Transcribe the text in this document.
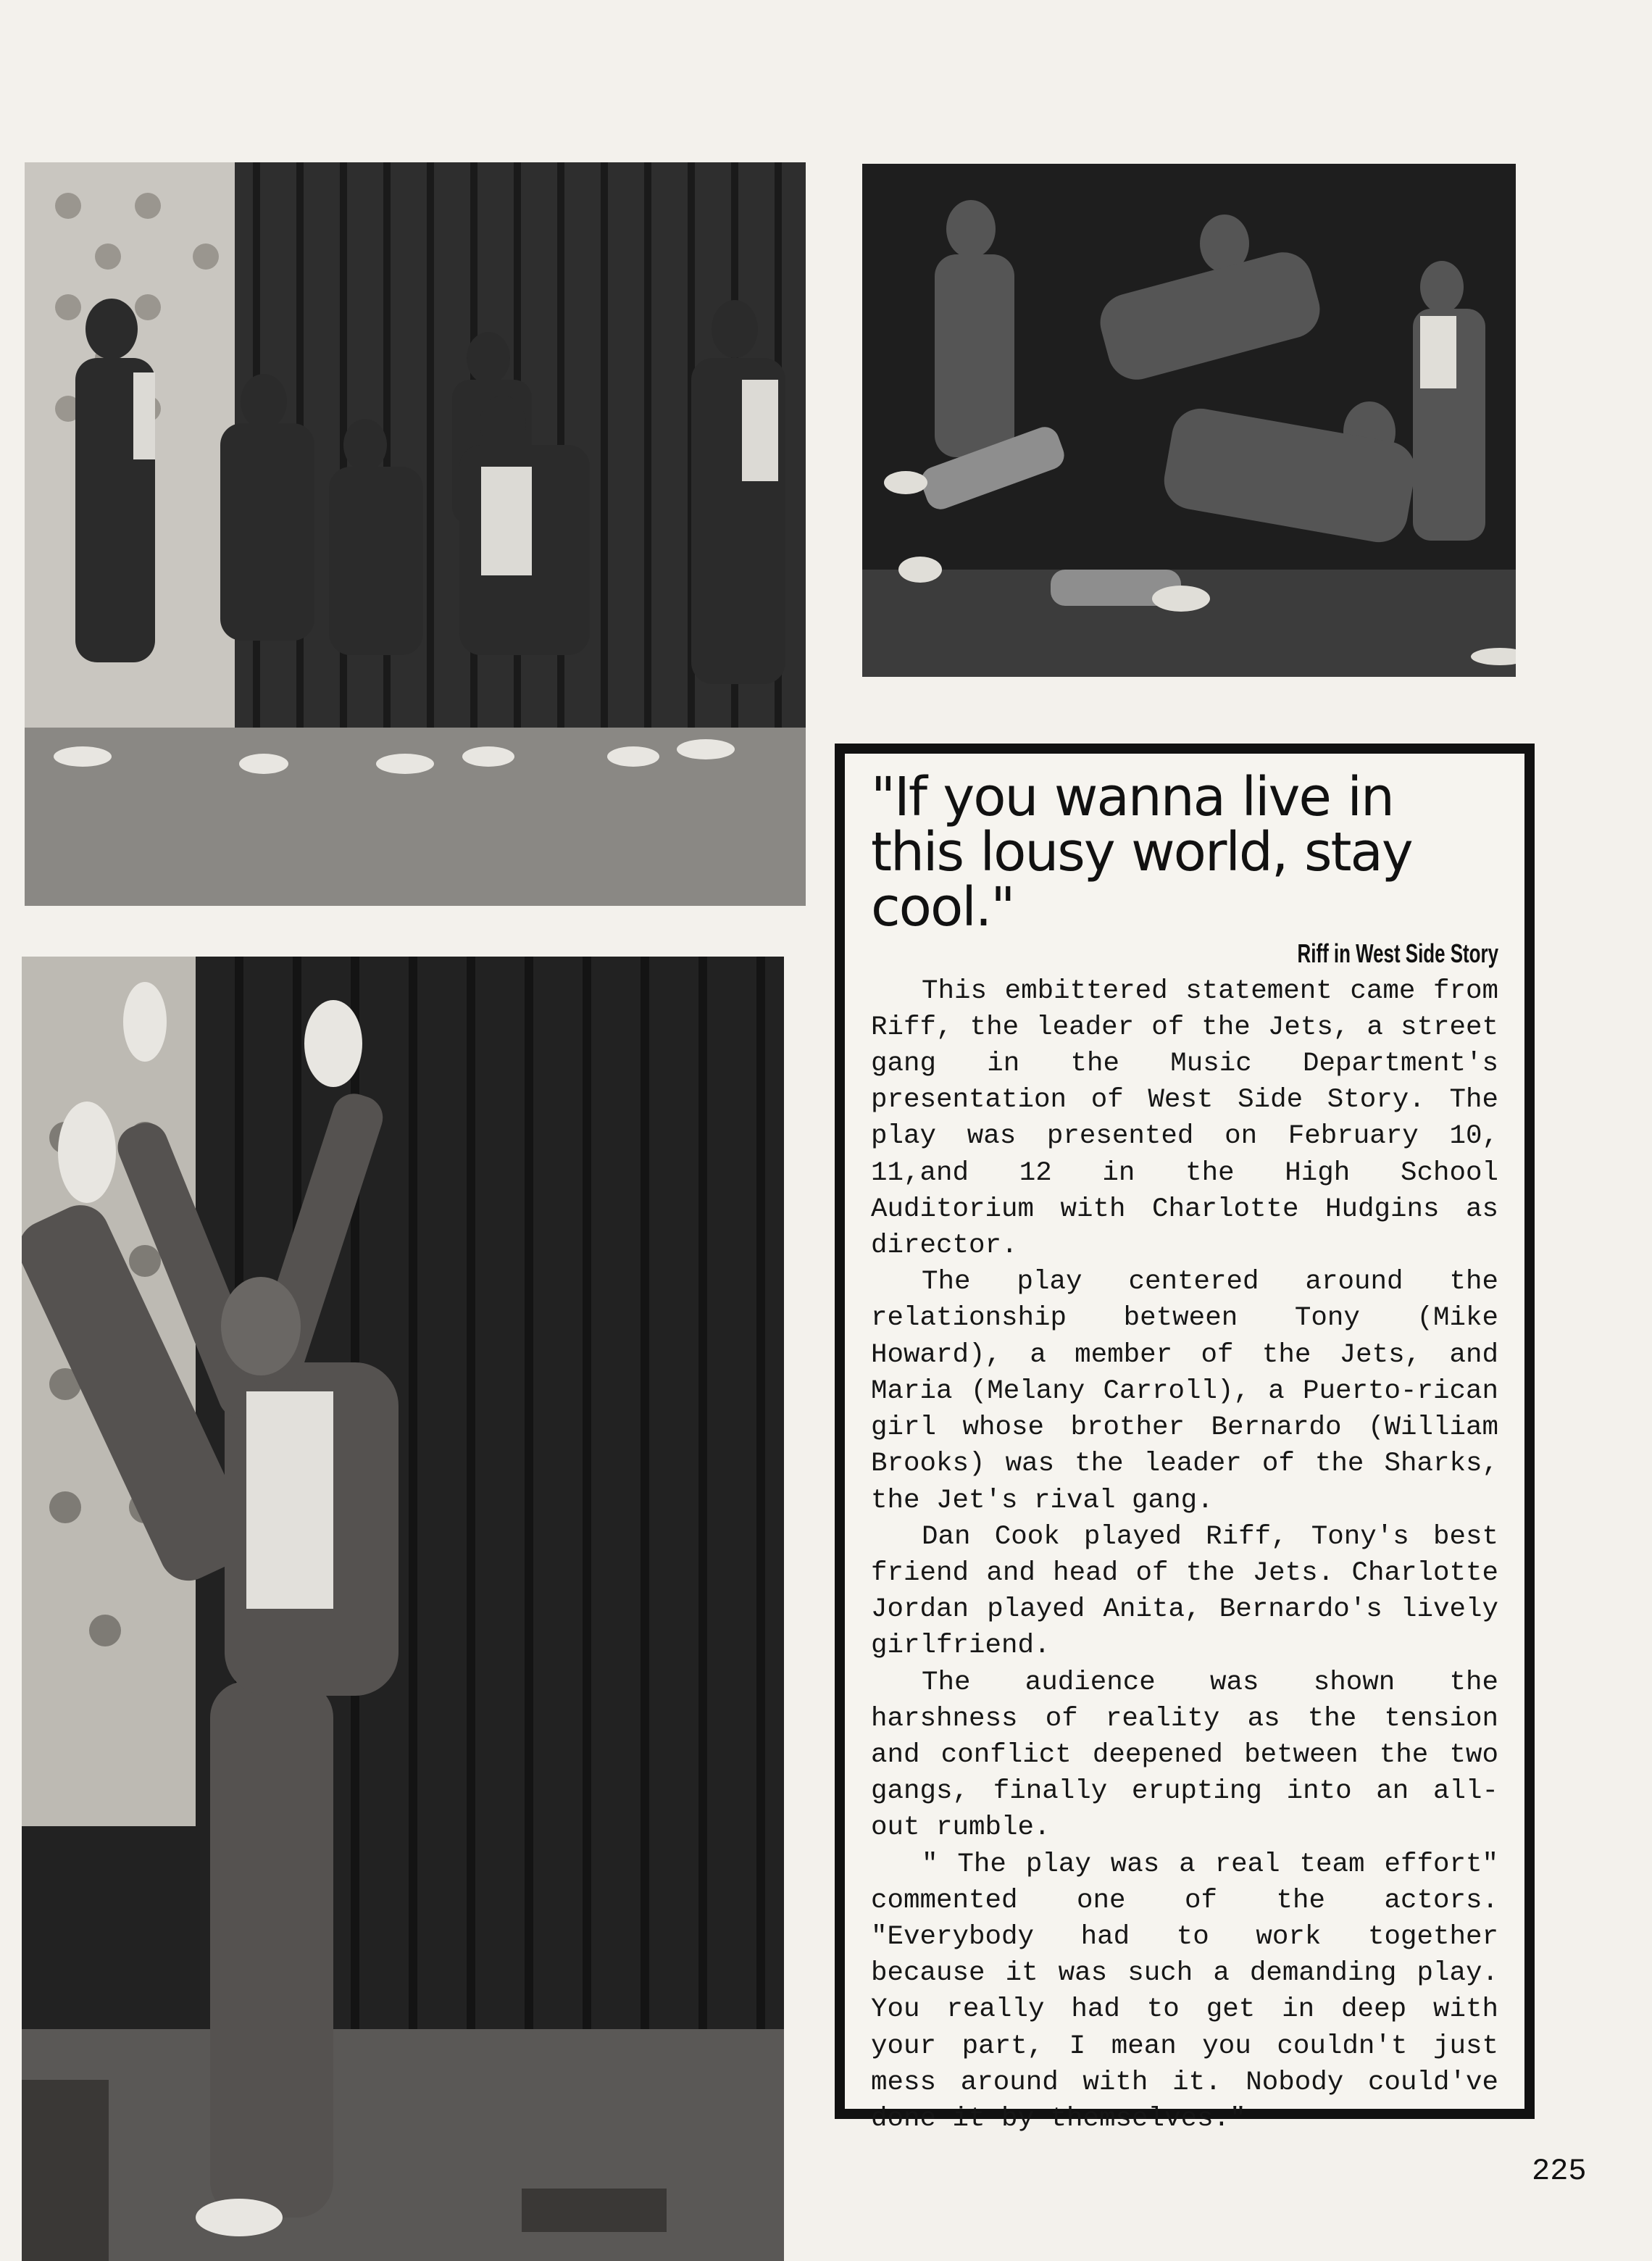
"If you wanna live in this lousy world, stay cool."
Riff in West Side Story

This embittered statement came from Riff, the leader of the Jets, a street gang in the Music Department's presentation of West Side Story. The play was presented on February 10, 11,and 12 in the High School Auditorium with Charlotte Hudgins as director.

The play centered around the relationship between Tony (Mike Howard), a member of the Jets, and Maria (Melany Carroll), a Puerto-rican girl whose brother Bernardo (William Brooks) was the leader of the Sharks, the Jet's rival gang.

Dan Cook played Riff, Tony's best friend and head of the Jets. Charlotte Jordan played Anita, Bernardo's lively girlfriend.

The audience was shown the harshness of reality as the tension and conflict deepened between the two gangs, finally erupting into an all-out rumble.

" The play was a real team effort" commented one of the actors. "Everybody had to work together because it was such a demanding play. You really had to get in deep with your part, I mean you couldn't just mess around with it. Nobody could've done it by themselves."

225
